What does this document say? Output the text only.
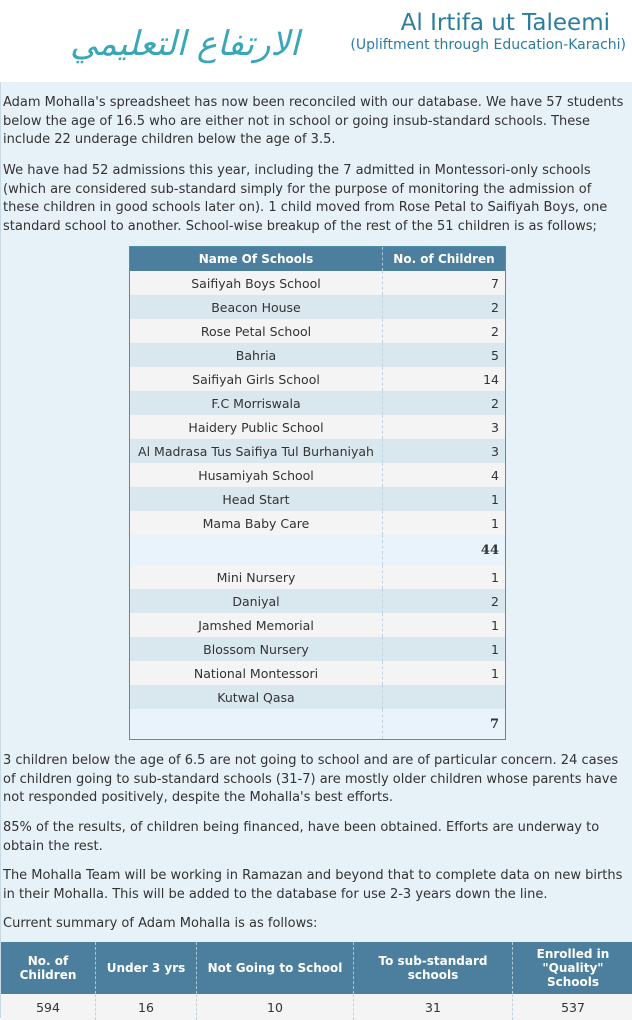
الارتفاع التعليمي
Al Irtifa ut Taleemi
(Upliftment through Education-Karachi)

Adam Mohalla's spreadsheet has now been reconciled with our database. We have 57 students below the age of 16.5 who are either not in school or going insub-standard schools. These include 22 underage children below the age of 3.5.

We have had 52 admissions this year, including the 7 admitted in Montessori-only schools (which are considered sub-standard simply for the purpose of monitoring the admission of these children in good schools later on). 1 child moved from Rose Petal to Saifiyah Boys, one standard school to another. School-wise breakup of the rest of the 51 children is as follows;

Name Of Schools	No. of Children
Saifiyah Boys School	7
Beacon House	2
Rose Petal School	2
Bahria	5
Saifiyah Girls School	14
F.C Morriswala	2
Haidery Public School	3
Al Madrasa Tus Saifiya Tul Burhaniyah	3
Husamiyah School	4
Head Start	1
Mama Baby Care	1
	44
Mini Nursery	1
Daniyal	2
Jamshed Memorial	1
Blossom Nursery	1
National Montessori	1
Kutwal Qasa	
	7

3 children below the age of 6.5 are not going to school and are of particular concern. 24 cases of children going to sub-standard schools (31-7) are mostly older children whose parents have not responded positively, despite the Mohalla's best efforts.

85% of the results, of children being financed, have been obtained. Efforts are underway to obtain the rest.

The Mohalla Team will be working in Ramazan and beyond that to complete data on new births in their Mohalla. This will be added to the database for use 2-3 years down the line.

Current summary of Adam Mohalla is as follows:

No. of Children	Under 3 yrs	Not Going to School	To sub-standard schools	Enrolled in "Quality" Schools
594	16	10	31	537
